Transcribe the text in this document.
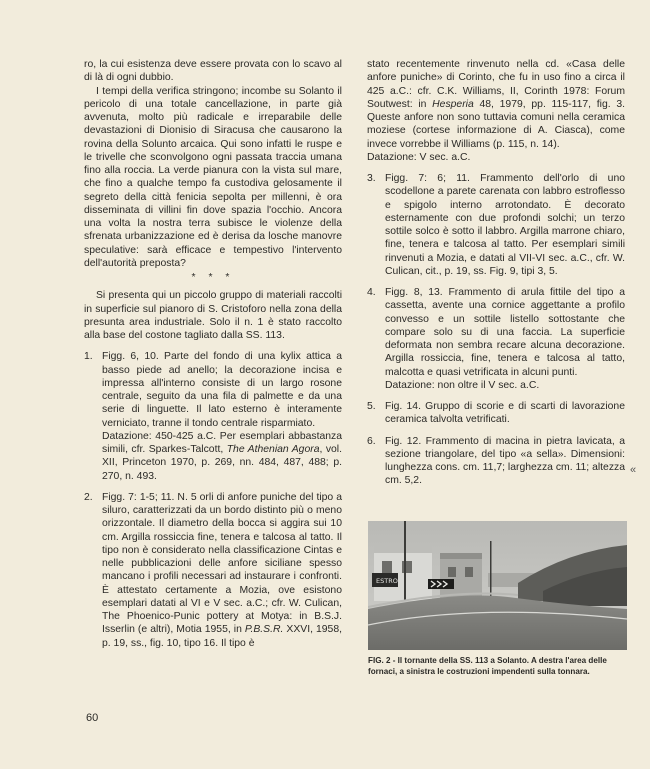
ro, la cui esistenza deve essere provata con lo scavo al di là di ogni dubbio.

I tempi della verifica stringono; incombe su Solanto il pericolo di una totale cancellazione, in parte già avvenuta, molto più radicale e irreparabile delle devastazioni di Dionisio di Siracusa che causarono la rovina della Solunto arcaica. Qui sono infatti le ruspe e le trivelle che sconvolgono ogni passata traccia umana fino alla roccia. La verde pianura con la vista sul mare, che fino a qualche tempo fa custodiva gelosamente il segreto della città fenicia sepolta per millenni, è ora disseminata di villini fin dove spazia l'occhio. Ancora una volta la nostra terra subisce le violenze della sfrenata urbanizzazione ed è derisa da losche manovre speculative: sarà efficace e tempestivo l'intervento dell'autorità preposta?

* * *

Si presenta qui un piccolo gruppo di materiali raccolti in superficie sul pianoro di S. Cristoforo nella zona della presunta area industriale. Solo il n. 1 è stato raccolto alla base del costone tagliato dalla SS. 113.

1. Figg. 6, 10. Parte del fondo di una kylix attica a basso piede ad anello; la decorazione incisa e impressa all'interno consiste di un largo rosone centrale, seguito da una fila di palmette e da una serie di linguette. Il lato esterno è interamente verniciato, tranne il tondo centrale risparmiato.
Datazione: 450-425 a.C. Per esemplari abbastanza simili, cfr. Sparkes-Talcott, The Athenian Agora, vol. XII, Princeton 1970, p. 269, nn. 484, 487, 488; p. 270, n. 493.
2. Figg. 7: 1-5; 11. N. 5 orli di anfore puniche del tipo a siluro, caratterizzati da un bordo distinto più o meno orizzontale. Il diametro della bocca si aggira sui 10 cm. Argilla rossiccia fine, tenera e talcosa al tatto. Il tipo non è considerato nella classificazione Cintas e nelle pubblicazioni delle anfore siciliane spesso mancano i profili necessari ad instaurare i confronti. È attestato certamente a Mozia, ove esistono esemplari datati al VI e V sec. a.C.; cfr. W. Culican, The Phoenico-Punic pottery at Motya: in B.S.J. Isserlin (e altri), Motia 1955, in P.B.S.R. XXVI, 1958, p. 19, ss., fig. 10, tipo 16. Il tipo è

stato recentemente rinvenuto nella cd. «Casa delle anfore puniche» di Corinto, che fu in uso fino a circa il 425 a.C.: cfr. C.K. Williams, II, Corinth 1978: Forum Soutwest: in Hesperia 48, 1979, pp. 115-117, fig. 3. Queste anfore non sono tuttavia comuni nella ceramica moziese (cortese informazione di A. Ciasca), come invece vorrebbe il Williams (p. 115, n. 14).

Datazione: V sec. a.C.

3. Figg. 7: 6; 11. Frammento dell'orlo di uno scodellone a parete carenata con labbro estroflesso e spigolo interno arrotondato. È decorato esternamente con due profondi solchi; un terzo sottile solco è sotto il labbro. Argilla marrone chiaro, fine, tenera e talcosa al tatto. Per esemplari simili rinvenuti a Mozia, e datati al VII-VI sec. a.C., cfr. W. Culican, cit., p. 19, ss. Fig. 9, tipi 3, 5.
4. Figg. 8, 13. Frammento di arula fittile del tipo a cassetta, avente una cornice aggettante a profilo convesso e un sottile listello sottostante che compare solo su di una faccia. La superficie deformata non sembra recare alcuna decorazione. Argilla rossiccia, fine, tenera e talcosa al tatto, malcotta e quasi vetrificata in alcuni punti.
Datazione: non oltre il V sec. a.C.
5. Fig. 14. Gruppo di scorie e di scarti di lavorazione ceramica talvolta vetrificati.
6. Fig. 12. Frammento di macina in pietra lavicata, a sezione triangolare, del tipo «a sella». Dimensioni: lunghezza cons. cm. 11,7; larghezza cm. 11; altezza cm. 5,2.
«
ESTRO
FIG. 2 - Il tornante della SS. 113 a Solanto. A destra l'area delle fornaci, a sinistra le costruzioni impendenti sulla tonnara.
60
